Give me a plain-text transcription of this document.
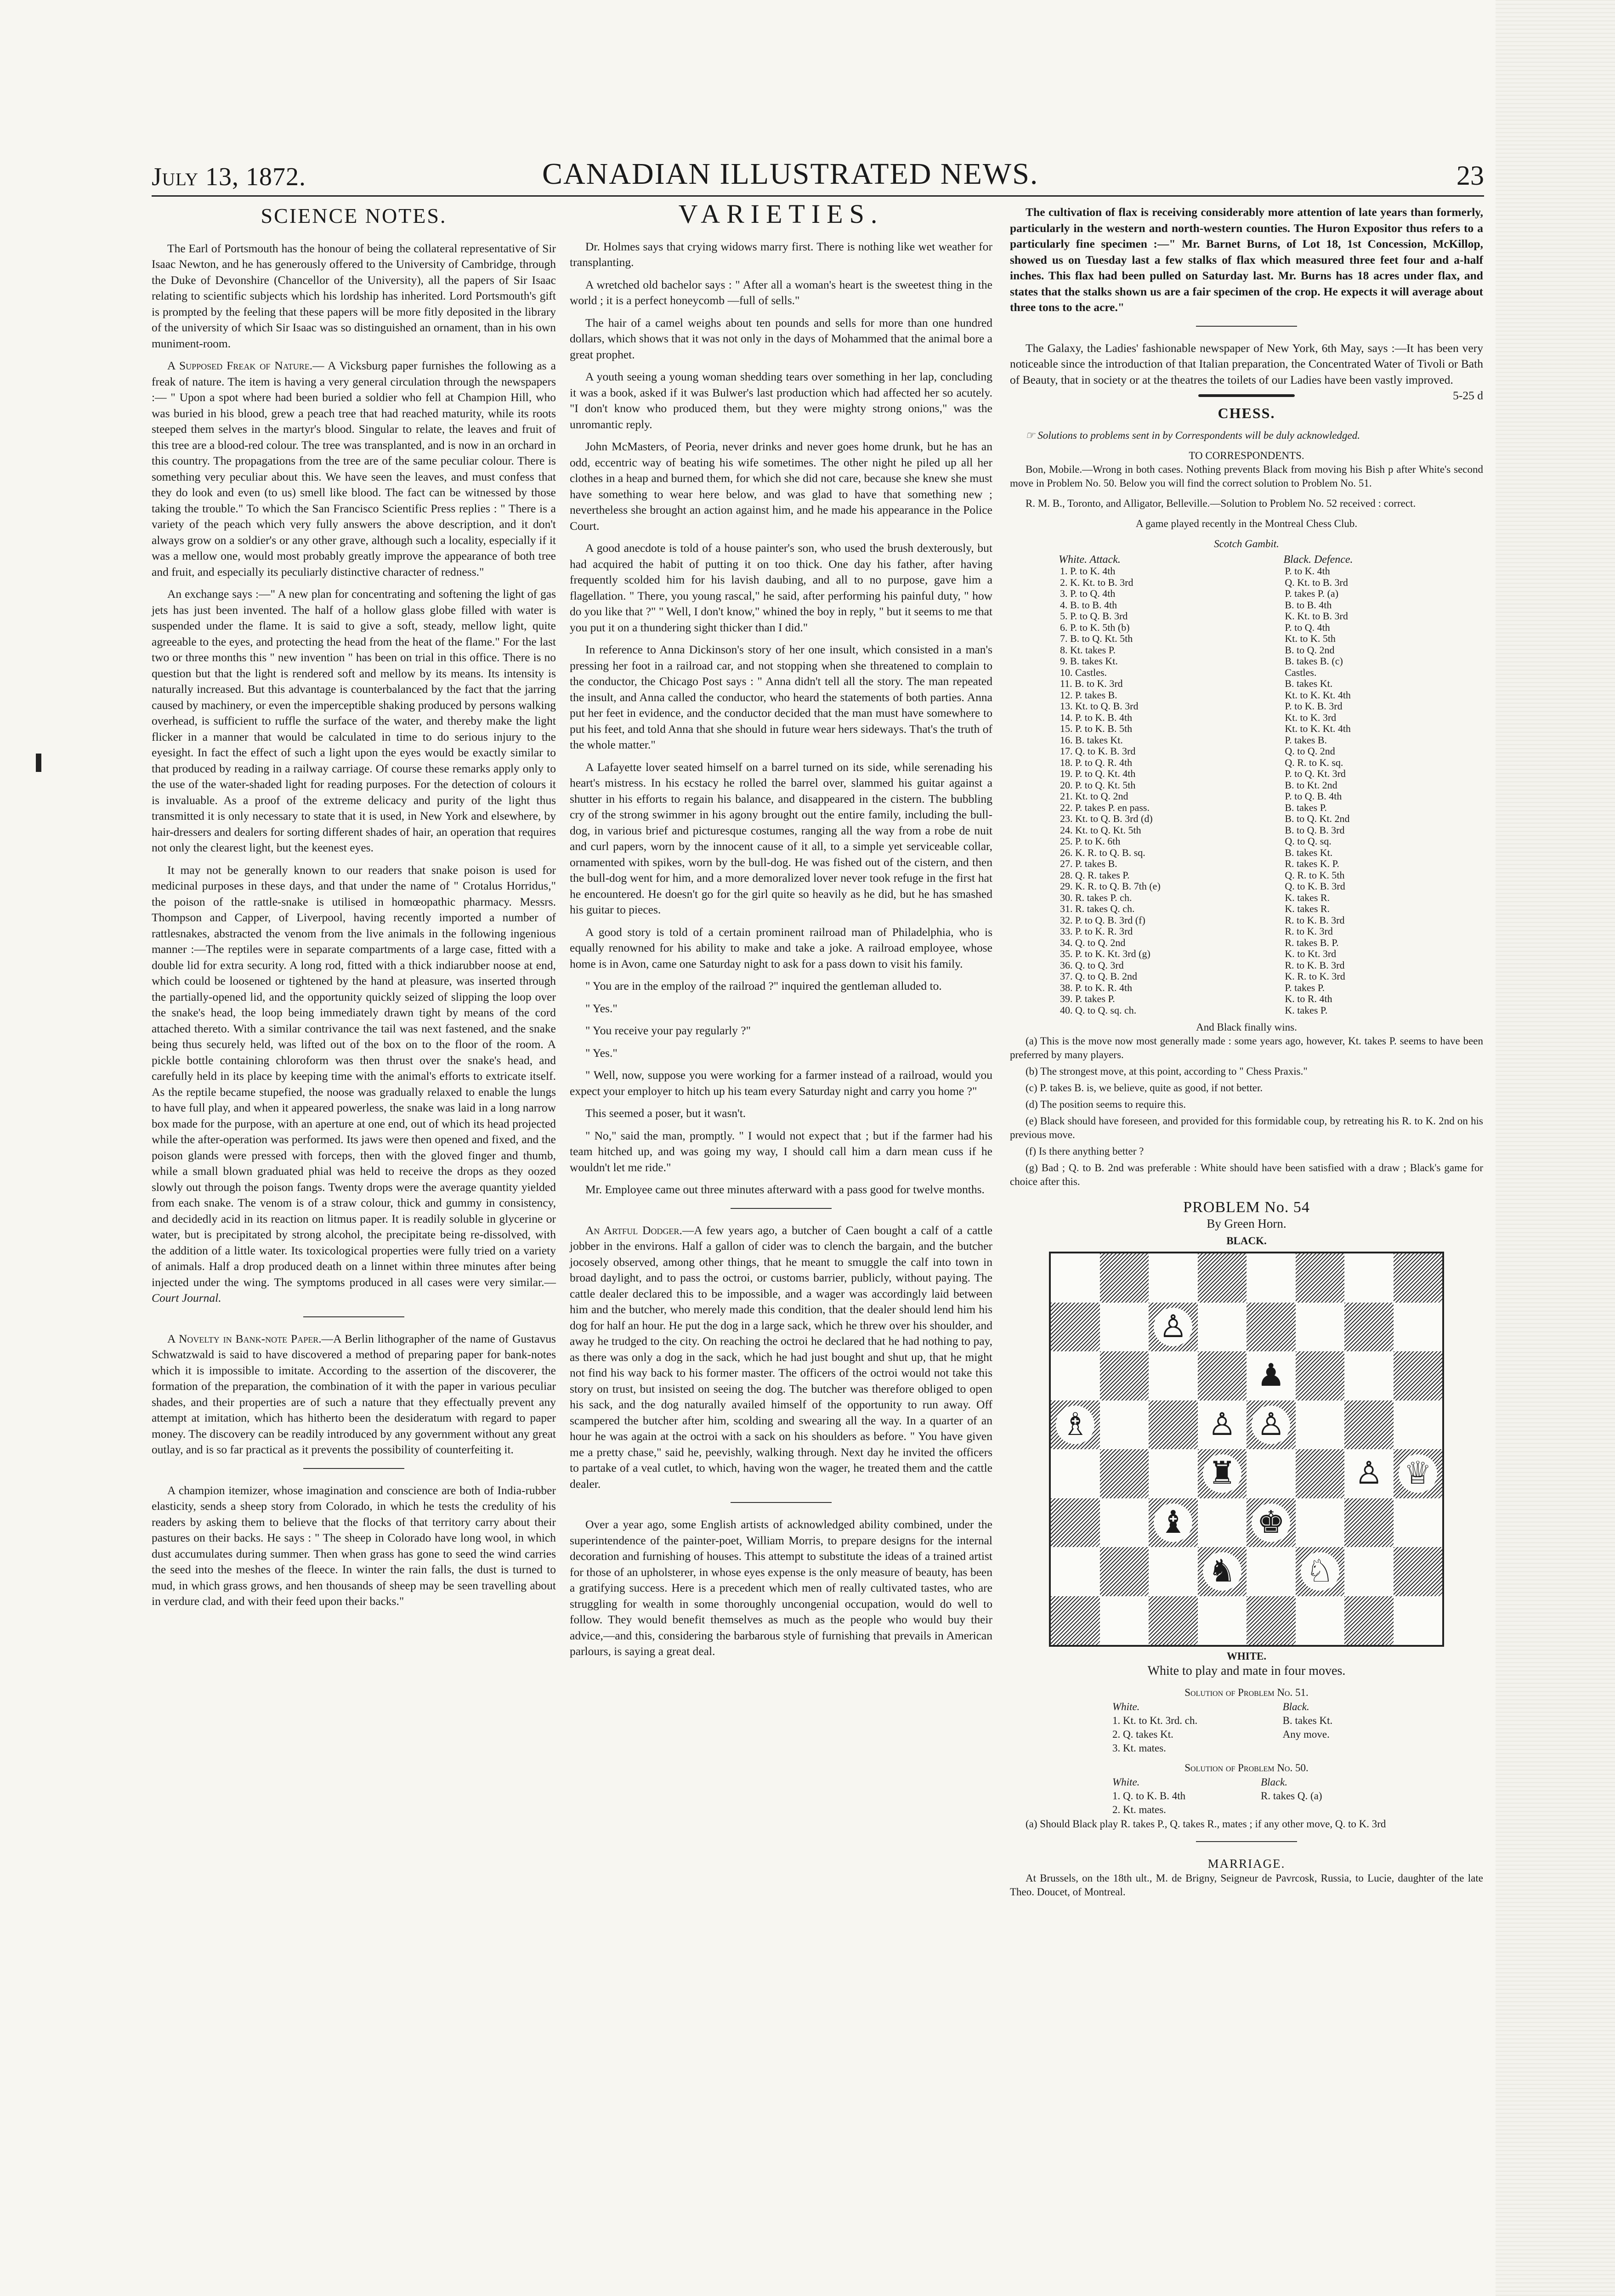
July 13, 1872.	CANADIAN ILLUSTRATED NEWS.	23
SCIENCE NOTES.

The Earl of Portsmouth has the honour of being the collateral representative of Sir Isaac Newton, and he has generously offered to the University of Cambridge, through the Duke of Devonshire (Chancellor of the University), all the papers of Sir Isaac relating to scientific subjects which his lordship has inherited. Lord Portsmouth's gift is prompted by the feeling that these papers will be more fitly deposited in the library of the university of which Sir Isaac was so distinguished an ornament, than in his own muniment-room.

A Supposed Freak of Nature.— A Vicksburg paper furnishes the following as a freak of nature. The item is having a very general circulation through the newspapers :— " Upon a spot where had been buried a soldier who fell at Champion Hill, who was buried in his blood, grew a peach tree that had reached maturity, while its roots steeped them selves in the martyr's blood. Singular to relate, the leaves and fruit of this tree are a blood-red colour. The tree was transplanted, and is now in an orchard in this country. The propagations from the tree are of the same peculiar colour. There is something very peculiar about this. We have seen the leaves, and must confess that they do look and even (to us) smell like blood. The fact can be witnessed by those taking the trouble." To which the San Francisco Scientific Press replies : " There is a variety of the peach which very fully answers the above description, and it don't always grow on a soldier's or any other grave, although such a locality, especially if it was a mellow one, would most probably greatly improve the appearance of both tree and fruit, and especially its peculiarly distinctive character of redness."

An exchange says :—" A new plan for concentrating and softening the light of gas jets has just been invented. The half of a hollow glass globe filled with water is suspended under the flame. It is said to give a soft, steady, mellow light, quite agreeable to the eyes, and protecting the head from the heat of the flame." For the last two or three months this " new invention " has been on trial in this office. There is no question but that the light is rendered soft and mellow by its means. Its intensity is naturally increased. But this advantage is counterbalanced by the fact that the jarring caused by machinery, or even the imperceptible shaking produced by persons walking overhead, is sufficient to ruffle the surface of the water, and thereby make the light flicker in a manner that would be calculated in time to do serious injury to the eyesight. In fact the effect of such a light upon the eyes would be exactly similar to that produced by reading in a railway carriage. Of course these remarks apply only to the use of the water-shaded light for reading purposes. For the detection of colours it is invaluable. As a proof of the extreme delicacy and purity of the light thus transmitted it is only necessary to state that it is used, in New York and elsewhere, by hair-dressers and dealers for sorting different shades of hair, an operation that requires not only the clearest light, but the keenest eyes.

It may not be generally known to our readers that snake poison is used for medicinal purposes in these days, and that under the name of " Crotalus Horridus," the poison of the rattle-snake is utilised in homœopathic pharmacy. Messrs. Thompson and Capper, of Liverpool, having recently imported a number of rattlesnakes, abstracted the venom from the live animals in the following ingenious manner :—The reptiles were in separate compartments of a large case, fitted with a double lid for extra security. A long rod, fitted with a thick indiarubber noose at end, which could be loosened or tightened by the hand at pleasure, was inserted through the partially-opened lid, and the opportunity quickly seized of slipping the loop over the snake's head, the loop being immediately drawn tight by means of the cord attached thereto. With a similar contrivance the tail was next fastened, and the snake being thus securely held, was lifted out of the box on to the floor of the room. A pickle bottle containing chloroform was then thrust over the snake's head, and carefully held in its place by keeping time with the animal's efforts to extricate itself. As the reptile became stupefied, the noose was gradually relaxed to enable the lungs to have full play, and when it appeared powerless, the snake was laid in a long narrow box made for the purpose, with an aperture at one end, out of which its head projected while the after-operation was performed. Its jaws were then opened and fixed, and the poison glands were pressed with forceps, then with the gloved finger and thumb, while a small blown graduated phial was held to receive the drops as they oozed slowly out through the poison fangs. Twenty drops were the average quantity yielded from each snake. The venom is of a straw colour, thick and gummy in consistency, and decidedly acid in its reaction on litmus paper. It is readily soluble in glycerine or water, but is precipitated by strong alcohol, the precipitate being re-dissolved, with the addition of a little water. Its toxicological properties were fully tried on a variety of animals. Half a drop produced death on a linnet within three minutes after being injected under the wing. The symptoms produced in all cases were very similar.— Court Journal.

A Novelty in Bank-note Paper.—A Berlin lithographer of the name of Gustavus Schwatzwald is said to have discovered a method of preparing paper for bank-notes which it is impossible to imitate. According to the assertion of the discoverer, the formation of the preparation, the combination of it with the paper in various peculiar shades, and their properties are of such a nature that they effectually prevent any attempt at imitation, which has hitherto been the desideratum with regard to paper money. The discovery can be readily introduced by any government without any great outlay, and is so far practical as it prevents the possibility of counterfeiting it.

A champion itemizer, whose imagination and conscience are both of India-rubber elasticity, sends a sheep story from Colorado, in which he tests the credulity of his readers by asking them to believe that the flocks of that territory carry about their pastures on their backs. He says : " The sheep in Colorado have long wool, in which dust accumulates during summer. Then when grass has gone to seed the wind carries the seed into the meshes of the fleece. In winter the rain falls, the dust is turned to mud, in which grass grows, and hen thousands of sheep may be seen travelling about in verdure clad, and with their feed upon their backs."

VARIETIES.

Dr. Holmes says that crying widows marry first. There is nothing like wet weather for transplanting.

A wretched old bachelor says : " After all a woman's heart is the sweetest thing in the world ; it is a perfect honeycomb —full of sells."

The hair of a camel weighs about ten pounds and sells for more than one hundred dollars, which shows that it was not only in the days of Mohammed that the animal bore a great prophet.

A youth seeing a young woman shedding tears over something in her lap, concluding it was a book, asked if it was Bulwer's last production which had affected her so acutely. "I don't know who produced them, but they were mighty strong onions," was the unromantic reply.

John McMasters, of Peoria, never drinks and never goes home drunk, but he has an odd, eccentric way of beating his wife sometimes. The other night he piled up all her clothes in a heap and burned them, for which she did not care, because she knew she must have something to wear here below, and was glad to have that something new ; nevertheless she brought an action against him, and he made his appearance in the Police Court.

A good anecdote is told of a house painter's son, who used the brush dexterously, but had acquired the habit of putting it on too thick. One day his father, after having frequently scolded him for his lavish daubing, and all to no purpose, gave him a flagellation. " There, you young rascal," he said, after performing his painful duty, " how do you like that ?" " Well, I don't know," whined the boy in reply, " but it seems to me that you put it on a thundering sight thicker than I did."

In reference to Anna Dickinson's story of her one insult, which consisted in a man's pressing her foot in a railroad car, and not stopping when she threatened to complain to the conductor, the Chicago Post says : " Anna didn't tell all the story. The man repeated the insult, and Anna called the conductor, who heard the statements of both parties. Anna put her feet in evidence, and the conductor decided that the man must have somewhere to put his feet, and told Anna that she should in future wear hers sideways. That's the truth of the whole matter."

A Lafayette lover seated himself on a barrel turned on its side, while serenading his heart's mistress. In his ecstacy he rolled the barrel over, slammed his guitar against a shutter in his efforts to regain his balance, and disappeared in the cistern. The bubbling cry of the strong swimmer in his agony brought out the entire family, including the bull-dog, in various brief and picturesque costumes, ranging all the way from a robe de nuit and curl papers, worn by the innocent cause of it all, to a simple yet serviceable collar, ornamented with spikes, worn by the bull-dog. He was fished out of the cistern, and then the bull-dog went for him, and a more demoralized lover never took refuge in the first hat he encountered. He doesn't go for the girl quite so heavily as he did, but he has smashed his guitar to pieces.

A good story is told of a certain prominent railroad man of Philadelphia, who is equally renowned for his ability to make and take a joke. A railroad employee, whose home is in Avon, came one Saturday night to ask for a pass down to visit his family.

" You are in the employ of the railroad ?" inquired the gentleman alluded to.

" Yes."

" You receive your pay regularly ?"

" Yes."

" Well, now, suppose you were working for a farmer instead of a railroad, would you expect your employer to hitch up his team every Saturday night and carry you home ?"

This seemed a poser, but it wasn't.

" No," said the man, promptly. " I would not expect that ; but if the farmer had his team hitched up, and was going my way, I should call him a darn mean cuss if he wouldn't let me ride."

Mr. Employee came out three minutes afterward with a pass good for twelve months.

An Artful Dodger.—A few years ago, a butcher of Caen bought a calf of a cattle jobber in the environs. Half a gallon of cider was to clench the bargain, and the butcher jocosely observed, among other things, that he meant to smuggle the calf into town in broad daylight, and to pass the octroi, or customs barrier, publicly, without paying. The cattle dealer declared this to be impossible, and a wager was accordingly laid between him and the butcher, who merely made this condition, that the dealer should lend him his dog for half an hour. He put the dog in a large sack, which he threw over his shoulder, and away he trudged to the city. On reaching the octroi he declared that he had nothing to pay, as there was only a dog in the sack, which he had just bought and shut up, that he might not find his way back to his former master. The officers of the octroi would not take this story on trust, but insisted on seeing the dog. The butcher was therefore obliged to open his sack, and the dog naturally availed himself of the opportunity to run away. Off scampered the butcher after him, scolding and swearing all the way. In a quarter of an hour he was again at the octroi with a sack on his shoulders as before. " You have given me a pretty chase," said he, peevishly, walking through. Next day he invited the officers to partake of a veal cutlet, to which, having won the wager, he treated them and the cattle dealer.

Over a year ago, some English artists of acknowledged ability combined, under the superintendence of the painter-poet, William Morris, to prepare designs for the internal decoration and furnishing of houses. This attempt to substitute the ideas of a trained artist for those of an upholsterer, in whose eyes expense is the only measure of beauty, has been a gratifying success. Here is a precedent which men of really cultivated tastes, who are struggling for wealth in some thoroughly uncongenial occupation, would do well to follow. They would benefit themselves as much as the people who would buy their advice,—and this, considering the barbarous style of furnishing that prevails in American parlours, is saying a great deal.

The cultivation of flax is receiving considerably more attention of late years than formerly, particularly in the western and north-western counties. The Huron Expositor thus refers to a particularly fine specimen :—" Mr. Barnet Burns, of Lot 18, 1st Concession, McKillop, showed us on Tuesday last a few stalks of flax which measured three feet four and a-half inches. This flax had been pulled on Saturday last. Mr. Burns has 18 acres under flax, and states that the stalks shown us are a fair specimen of the crop. He expects it will average about three tons to the acre."

The Galaxy, the Ladies' fashionable newspaper of New York, 6th May, says :—It has been very noticeable since the introduction of that Italian preparation, the Concentrated Water of Tivoli or Bath of Beauty, that in society or at the theatres the toilets of our Ladies have been vastly improved.
5-25 d

CHESS.

☞ Solutions to problems sent in by Correspondents will be duly acknowledged.

TO CORRESPONDENTS.

Bon, Mobile.—Wrong in both cases. Nothing prevents Black from moving his Bish p after White's second move in Problem No. 50. Below you will find the correct solution to Problem No. 51.

R. M. B., Toronto, and Alligator, Belleville.—Solution to Problem No. 52 received : correct.

A game played recently in the Montreal Chess Club.

Scotch Gambit.
White. Attack.	Black. Defence.
1. P. to K. 4th	P. to K. 4th
2. K. Kt. to B. 3rd	Q. Kt. to B. 3rd
3. P. to Q. 4th	P. takes P. (a)
4. B. to B. 4th	B. to B. 4th
5. P. to Q. B. 3rd	K. Kt. to B. 3rd
6. P. to K. 5th (b)	P. to Q. 4th
7. B. to Q. Kt. 5th	Kt. to K. 5th
8. Kt. takes P.	B. to Q. 2nd
9. B. takes Kt.	B. takes B. (c)
10. Castles.	Castles.
11. B. to K. 3rd	B. takes Kt.
12. P. takes B.	Kt. to K. Kt. 4th
13. Kt. to Q. B. 3rd	P. to K. B. 3rd
14. P. to K. B. 4th	Kt. to K. 3rd
15. P. to K. B. 5th	Kt. to K. Kt. 4th
16. B. takes Kt.	P. takes B.
17. Q. to K. B. 3rd	Q. to Q. 2nd
18. P. to Q. R. 4th	Q. R. to K. sq.
19. P. to Q. Kt. 4th	P. to Q. Kt. 3rd
20. P. to Q. Kt. 5th	B. to Kt. 2nd
21. Kt. to Q. 2nd	P. to Q. B. 4th
22. P. takes P. en pass.	B. takes P.
23. Kt. to Q. B. 3rd (d)	B. to Q. Kt. 2nd
24. Kt. to Q. Kt. 5th	B. to Q. B. 3rd
25. P. to K. 6th	Q. to Q. sq.
26. K. R. to Q. B. sq.	B. takes Kt.
27. P. takes B.	R. takes K. P.
28. Q. R. takes P.	Q. R. to K. 5th
29. K. R. to Q. B. 7th (e)	Q. to K. B. 3rd
30. R. takes P. ch.	K. takes R.
31. R. takes Q. ch.	K. takes R.
32. P. to Q. B. 3rd (f)	R. to K. B. 3rd
33. P. to K. R. 3rd	R. to K. 3rd
34. Q. to Q. 2nd	R. takes B. P.
35. P. to K. Kt. 3rd (g)	K. to Kt. 3rd
36. Q. to Q. 3rd	R. to K. B. 3rd
37. Q. to Q. B. 2nd	K. R. to K. 3rd
38. P. to K. R. 4th	P. takes P.
39. P. takes P.	K. to R. 4th
40. Q. to Q. sq. ch.	K. takes P.
And Black finally wins.

(a) This is the move now most generally made : some years ago, however, Kt. takes P. seems to have been preferred by many players.

(b) The strongest move, at this point, according to " Chess Praxis."

(c) P. takes B. is, we believe, quite as good, if not better.

(d) The position seems to require this.

(e) Black should have foreseen, and provided for this formidable coup, by retreating his R. to K. 2nd on his previous move.

(f) Is there anything better ?

(g) Bad ; Q. to B. 2nd was preferable : White should have been satisfied with a draw ; Black's game for choice after this.

PROBLEM No. 54
By Green Horn.
BLACK.
♙
♟
♗	♙ ♙
♜	♙ ♕
♝ ♚
♞ ♘
WHITE.
White to play and mate in four moves.
Solution of Problem No. 51.
White.	Black.
1. Kt. to Kt. 3rd. ch.	B. takes Kt.
2. Q. takes Kt.	Any move.
3. Kt. mates.	
Solution of Problem No. 50.
White.	Black.
1. Q. to K. B. 4th	R. takes Q. (a)
2. Kt. mates.	

(a) Should Black play R. takes P., Q. takes R., mates ; if any other move, Q. to K. 3rd

MARRIAGE.

At Brussels, on the 18th ult., M. de Brigny, Seigneur de Pavrcosk, Russia, to Lucie, daughter of the late Theo. Doucet, of Montreal.
